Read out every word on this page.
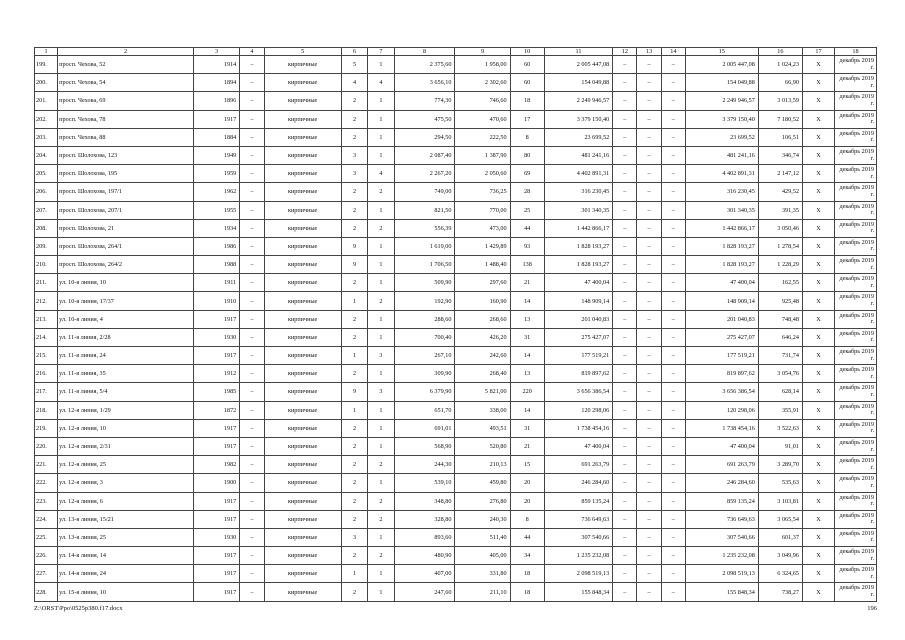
1	2	3	4	5	6	7	8	9	10	11	12	13	14	15	16	17	18
199.	просп. Чехова, 52	1914	–	кирпичные	5	1	2 375,60	1 958,00	60	2 005 447,08	–	–	–	2 005 447,08	1 024,23	X	декабрь 2019 г.
200.	просп. Чехова, 54	1894	–	кирпичные	4	4	3 656,10	2 302,60	60	154 049,88	–	–	–	154 049,88	66,90	X	декабрь 2019 г.
201.	просп. Чехова, 69	1896	–	кирпичные	2	1	774,30	746,60	18	2 249 946,57	–	–	–	2 249 946,57	3 013,59	X	декабрь 2019 г.
202.	просп. Чехова, 78	1917	–	кирпичные	2	1	475,50	470,60	17	3 379 150,40	–	–	–	3 379 150,40	7 180,52	X	декабрь 2019 г.
203.	просп. Чехова, 88	1884	–	кирпичные	2	1	294,50	222,50	8	23 699,52	–	–	–	23 699,52	106,51	X	декабрь 2019 г.
204.	просп. Шолохова, 123	1949	–	кирпичные	3	1	2 087,40	1 387,90	80	481 241,16	–	–	–	481 241,16	346,74	X	декабрь 2019 г.
205.	просп. Шолохова, 195	1959	–	кирпичные	3	4	2 267,20	2 050,60	69	4 402 891,31	–	–	–	4 402 891,31	2 147,12	X	декабрь 2019 г.
206.	просп. Шолохова, 197/1	1962	–	кирпичные	2	2	749,00	736,25	28	316 230,45	–	–	–	316 230,45	429,52	X	декабрь 2019 г.
207.	просп. Шолохова, 207/1	1955	–	кирпичные	2	1	821,50	770,00	25	301 340,35	–	–	–	301 340,35	391,35	X	декабрь 2019 г.
208.	просп. Шолохова, 21	1934	–	кирпичные	2	2	556,39	473,00	44	1 442 866,17	–	–	–	1 442 866,17	3 050,46	X	декабрь 2019 г.
209.	просп. Шолохова, 264/1	1986	–	кирпичные	9	1	1 619,00	1 429,89	93	1 828 193,27	–	–	–	1 828 193,27	1 278,54	X	декабрь 2019 г.
210.	просп. Шолохова, 264/2	1988	–	кирпичные	9	1	1 706,50	1 488,40	138	1 828 193,27	–	–	–	1 828 193,27	1 228,29	X	декабрь 2019 г.
211.	ул. 10-я линия, 10	1911	–	кирпичные	2	1	509,90	297,60	21	47 400,04	–	–	–	47 400,04	162,55	X	декабрь 2019 г.
212.	ул. 10-я линия, 17/37	1910	–	кирпичные	1	2	192,90	160,90	14	148 909,14	–	–	–	148 909,14	925,48	X	декабрь 2019 г.
213.	ул. 10-я линия, 4	1917	–	кирпичные	2	1	288,60	268,60	13	201 040,83	–	–	–	201 040,83	748,48	X	декабрь 2019 г.
214.	ул. 11-я линия, 2/28	1930	–	кирпичные	2	1	700,40	426,20	31	275 427,07	–	–	–	275 427,07	646,24	X	декабрь 2019 г.
215.	ул. 11-я линия, 24	1917	–	кирпичные	1	3	267,10	242,60	14	177 519,21	–	–	–	177 519,21	731,74	X	декабрь 2019 г.
216.	ул. 11-я линия, 35	1912	–	кирпичные	2	1	309,90	268,40	13	819 897,62	–	–	–	819 897,62	3 054,76	X	декабрь 2019 г.
217.	ул. 11-я линия, 5/4	1985	–	кирпичные	9	3	6 379,90	5 821,00	220	3 656 386,54	–	–	–	3 656 386,54	628,14	X	декабрь 2019 г.
218.	ул. 12-я линия, 1/29	1872	–	кирпичные	1	1	651,70	338,00	14	120 298,06	–	–	–	120 298,06	355,91	X	декабрь 2019 г.
219.	ул. 12-я линия, 10	1917	–	кирпичные	2	1	691,01	493,51	31	1 738 454,16	–	–	–	1 738 454,16	3 522,63	X	декабрь 2019 г.
220.	ул. 12-я линия, 2/31	1917	–	кирпичные	2	1	568,90	520,80	21	47 400,04	–	–	–	47 400,04	91,01	X	декабрь 2019 г.
221.	ул. 12-я линия, 25	1982	–	кирпичные	2	2	244,30	210,13	15	691 263,79	–	–	–	691 263,79	3 289,70	X	декабрь 2019 г.
222.	ул. 12-я линия, 3	1900	–	кирпичные	2	1	539,10	459,80	20	246 284,60	–	–	–	246 284,60	535,63	X	декабрь 2019 г.
223.	ул. 12-я линия, 6	1917	–	кирпичные	2	2	348,80	276,80	20	859 135,24	–	–	–	859 135,24	3 103,81	X	декабрь 2019 г.
224.	ул. 13-я линия, 15/21	1917	–	кирпичные	2	2	328,80	240,30	8	736 649,63	–	–	–	736 649,63	3 065,54	X	декабрь 2019 г.
225.	ул. 13-я линия, 25	1930	–	кирпичные	3	1	893,60	511,40	44	307 540,66	–	–	–	307 540,66	601,37	X	декабрь 2019 г.
226.	ул. 14-я линия, 14	1917	–	кирпичные	2	2	480,90	405,00	34	1 235 232,08	–	–	–	1 235 232,08	3 049,96	X	декабрь 2019 г.
227.	ул. 14-я линия, 24	1917	–	кирпичные	1	1	407,00	331,80	18	2 098 519,13	–	–	–	2 098 519,13	6 324,65	X	декабрь 2019 г.
228.	ул. 15-я линия, 10	1917	–	кирпичные	2	1	247,60	211,10	18	155 848,34	–	–	–	155 848,34	738,27	X	декабрь 2019 г.
Z:\ORST\Ppo\0525p380.f17.docx	196
